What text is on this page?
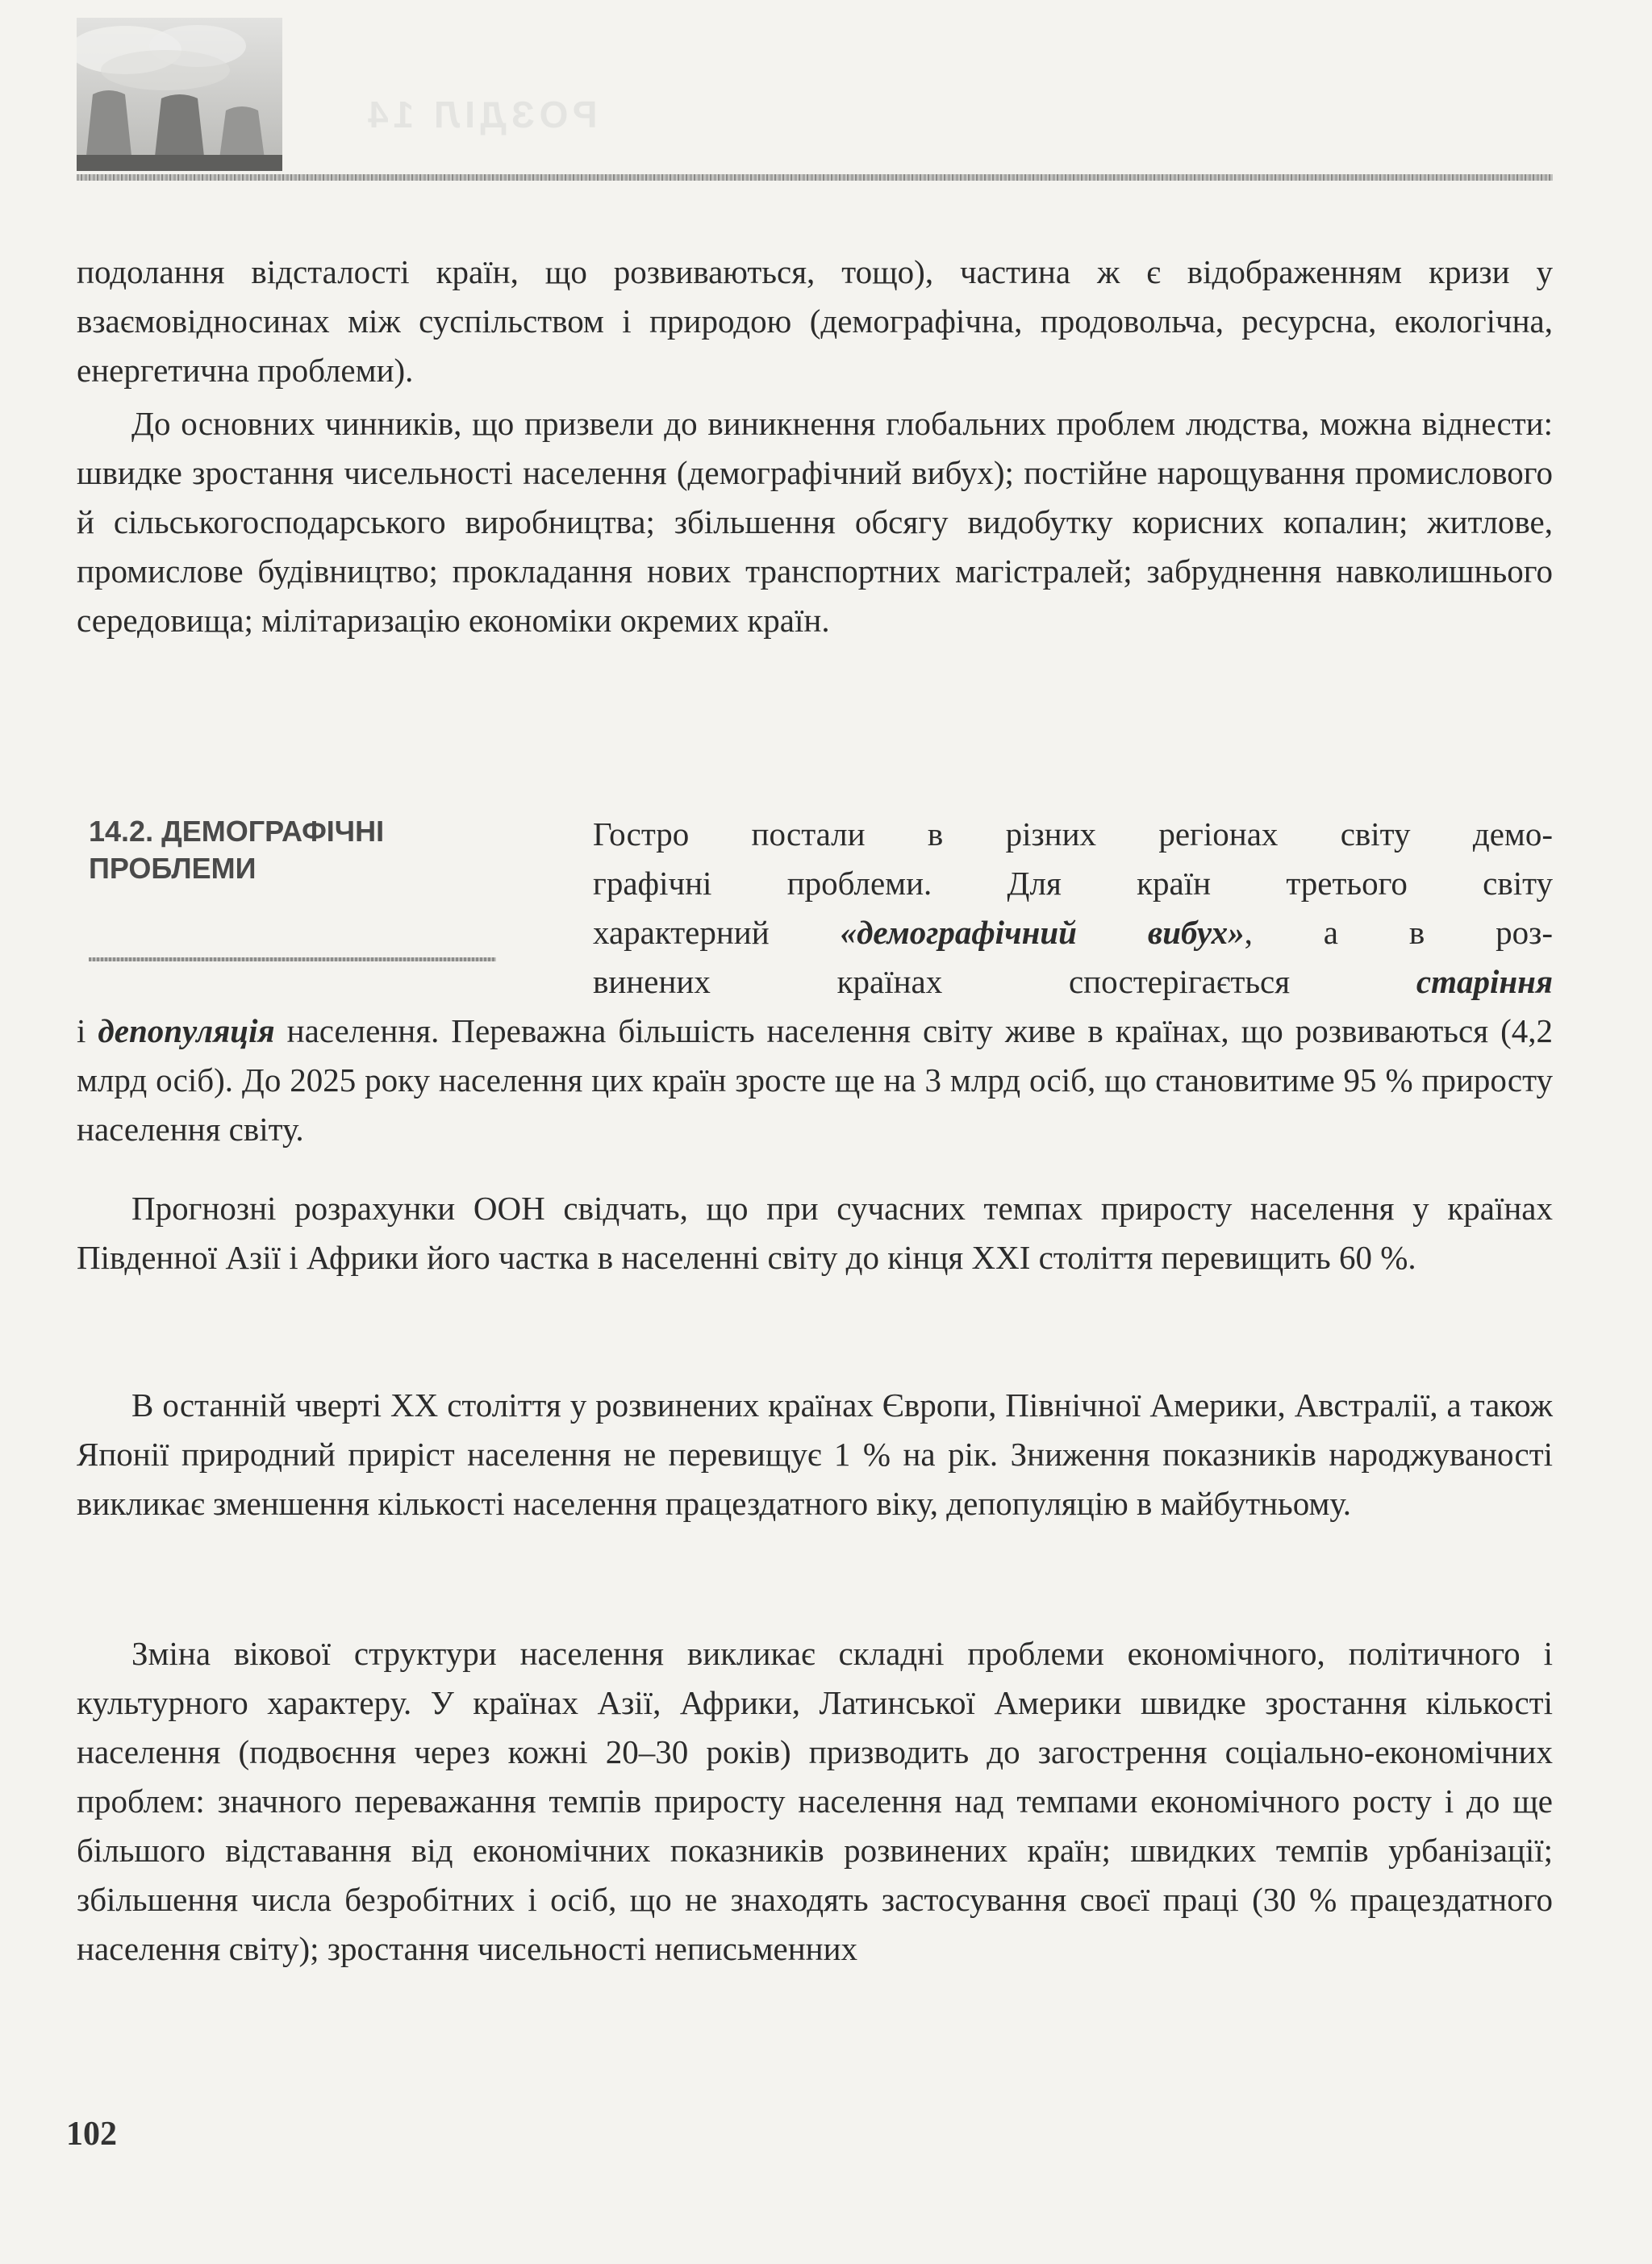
РОЗДІЛ 14

подолання відсталості країн, що розвиваються, тощо), частина ж є відображенням кризи у взаємовідносинах між суспільством і природою (демографічна, продовольча, ресурсна, екологічна, енергетична проблеми).

До основних чинників, що призвели до виникнення глобальних проблем людства, можна віднести: швидке зростання чисельності населення (демографічний вибух); постійне нарощування промислового й сільськогосподарського виробництва; збільшення обсягу видобутку корисних копалин; житлове, промислове будівництво; прокладання нових транспортних магістралей; забруднення навколишнього середовища; мілітаризацію економіки окремих країн.

14.2. ДЕМОГРАФІЧНІ ПРОБЛЕМИ

Гостро постали в різних регіонах світу демо-

графічні проблеми. Для країн третього світу

характерний «демографічний вибух», а в роз-

винених країнах спостерігається старіння

і депопуляція населення. Переважна більшість населення світу живе в країнах, що розвиваються (4,2 млрд осіб). До 2025 року населення цих країн зросте ще на 3 млрд осіб, що становитиме 95 % приросту населення світу.

Прогнозні розрахунки ООН свідчать, що при сучасних темпах приросту населення у країнах Південної Азії і Африки його частка в населенні світу до кінця XXI століття перевищить 60 %.

В останній чверті XX століття у розвинених країнах Європи, Північної Америки, Австралії, а також Японії природний приріст населення не перевищує 1 % на рік. Зниження показників народжуваності викликає зменшення кількості населення працездатного віку, депопуляцію в майбутньому.

Зміна вікової структури населення викликає складні проблеми економічного, політичного і культурного характеру. У країнах Азії, Африки, Латинської Америки швидке зростання кількості населення (подвоєння через кожні 20–30 років) призводить до загострення соціально-економічних проблем: значного переважання темпів приросту населення над темпами економічного росту і до ще більшого відставання від економічних показників розвинених країн; швидких темпів урбанізації; збільшення числа безробітних і осіб, що не знаходять застосування своєї праці (30 % працездатного населення світу); зростання чисельності неписьменних

102
